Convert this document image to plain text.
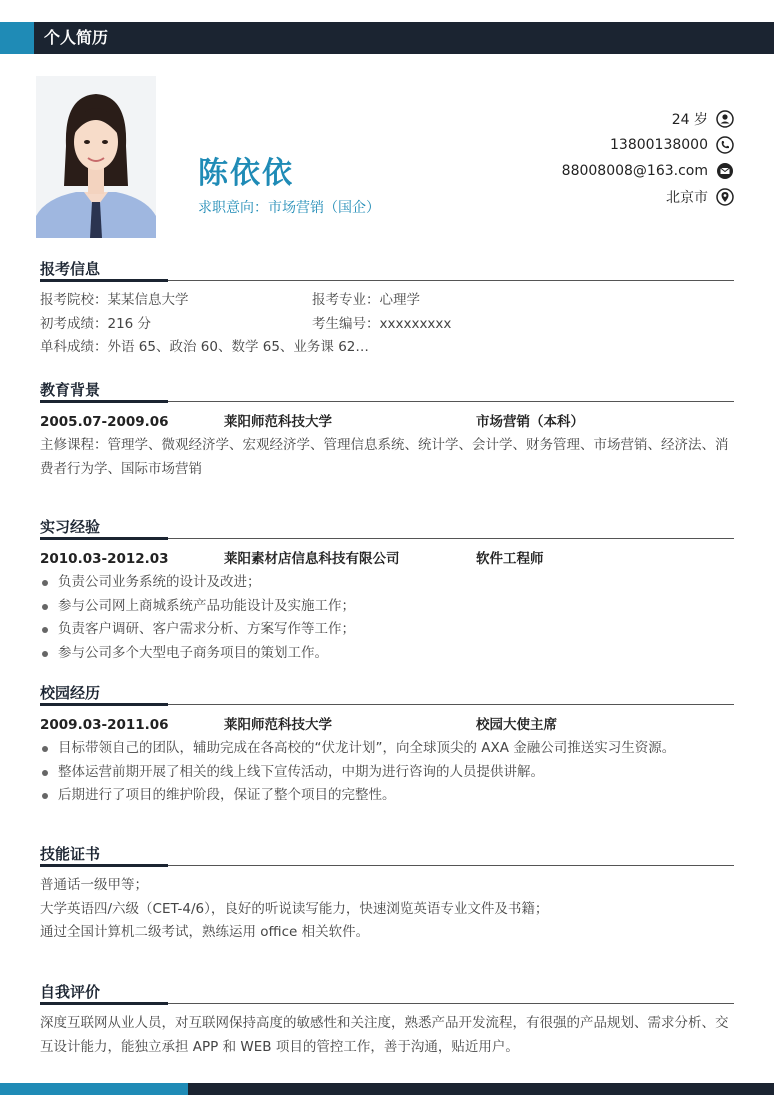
个人简历
陈依依
求职意向：市场营销（国企）
24 岁
13800138000
88008008@163.com
北京市
报考信息
报考院校：某某信息大学	报考专业：心理学
初考成绩：216 分	考生编号：xxxxxxxxx
单科成绩：外语 65、政治 60、数学 65、业务课 62…
教育背景
2005.07-2009.06	莱阳师范科技大学	市场营销（本科）
主修课程：管理学、微观经济学、宏观经济学、管理信息系统、统计学、会计学、财务管理、市场营销、经济法、消费者行为学、国际市场营销
实习经验
2010.03-2012.03	莱阳素材店信息科技有限公司	软件工程师
负责公司业务系统的设计及改进；
参与公司网上商城系统产品功能设计及实施工作；
负责客户调研、客户需求分析、方案写作等工作；
参与公司多个大型电子商务项目的策划工作。
校园经历
2009.03-2011.06	莱阳师范科技大学	校园大使主席
目标带领自己的团队，辅助完成在各高校的“伏龙计划”，向全球顶尖的 AXA 金融公司推送实习生资源。
整体运营前期开展了相关的线上线下宣传活动，中期为进行咨询的人员提供讲解。
后期进行了项目的维护阶段，保证了整个项目的完整性。
技能证书
普通话一级甲等；
大学英语四/六级（CET-4/6），良好的听说读写能力，快速浏览英语专业文件及书籍；
通过全国计算机二级考试，熟练运用 office 相关软件。
自我评价
深度互联网从业人员，对互联网保持高度的敏感性和关注度，熟悉产品开发流程，有很强的产品规划、需求分析、交互设计能力，能独立承担 APP 和 WEB 项目的管控工作，善于沟通，贴近用户。
